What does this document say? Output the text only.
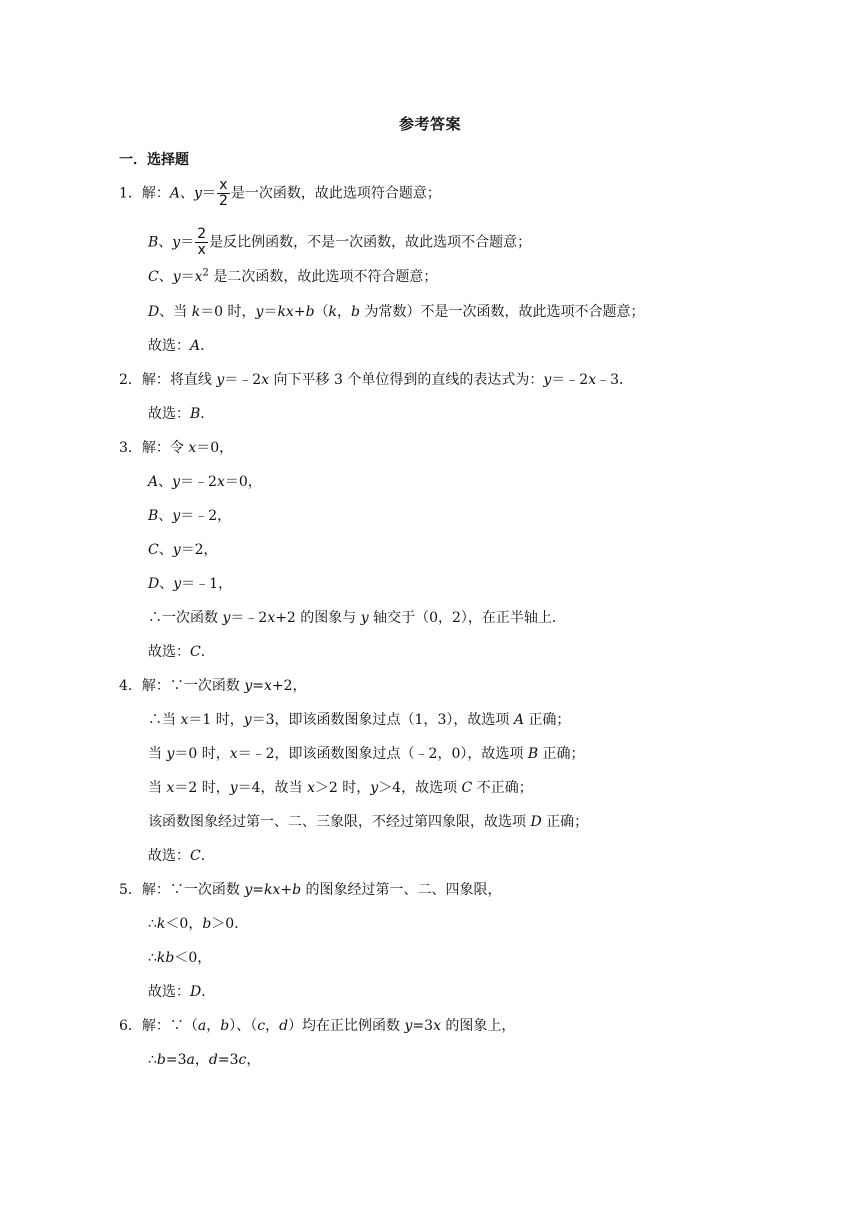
参考答案
一．选择题
1．解：A、$y= \frac{x}{2}$ 是一次函数，故此选项符合题意；
B、$y= \frac{2}{x}$ 是反比例函数，不是一次函数，故此选项不合题意；
C、$y=x^2$ 是二次函数，故此选项不符合题意；
D、当 k＝0 时，y＝kx+b（k，b 为常数）不是一次函数，故此选项不合题意；
故选：A．
2．解：将直线 y＝﹣2x 向下平移 3 个单位得到的直线的表达式为：y＝﹣2x﹣3．
故选：B．
3．解：令 x＝0，
A、y＝﹣2x＝0，
B、y＝﹣2，
C、y＝2，
D、y＝﹣1，
∴一次函数 y＝﹣2x+2 的图象与 y 轴交于（0，2），在正半轴上．
故选：C．
4．解：∵一次函数 y=x+2，
∴当 x＝1 时，y＝3，即该函数图象过点（1，3），故选项 A 正确；
当 y＝0 时，x＝﹣2，即该函数图象过点（﹣2，0），故选项 B 正确；
当 x＝2 时，y＝4，故当 x＞2 时，y＞4，故选项 C 不正确；
该函数图象经过第一、二、三象限，不经过第四象限，故选项 D 正确；
故选：C．
5．解：∵一次函数 y=kx+b 的图象经过第一、二、四象限，
∴k＜0，b＞0．
∴kb＜0，
故选：D．
6．解：∵（a，b）、（c，d）均在正比例函数 y=3x 的图象上，
∴b=3a，d=3c，
